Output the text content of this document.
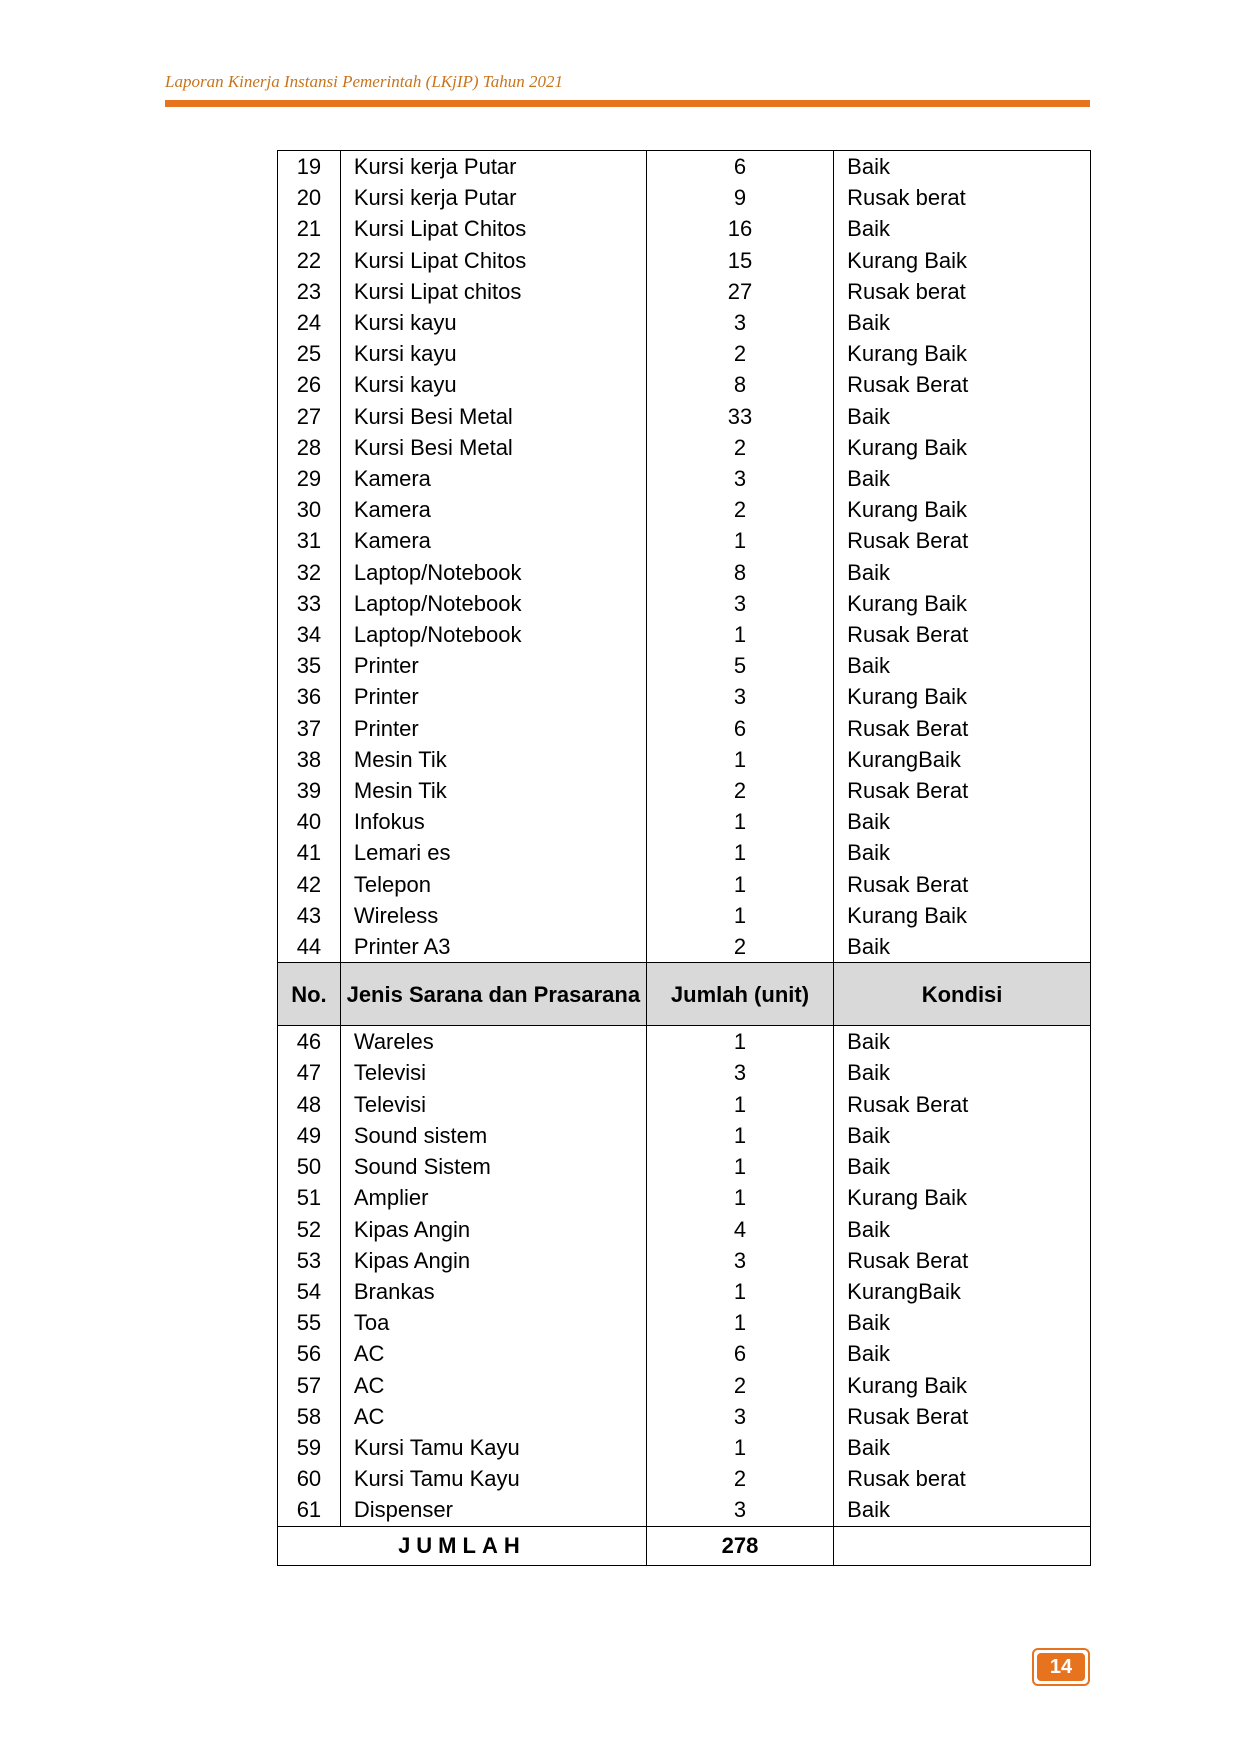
Laporan Kinerja Instansi Pemerintah (LKjIP) Tahun 2021
19	Kursi kerja Putar	6	Baik
20	Kursi kerja Putar	9	Rusak berat
21	Kursi Lipat Chitos	16	Baik
22	Kursi Lipat Chitos	15	Kurang Baik
23	Kursi Lipat chitos	27	Rusak berat
24	Kursi kayu	3	Baik
25	Kursi kayu	2	Kurang Baik
26	Kursi kayu	8	Rusak Berat
27	Kursi Besi Metal	33	Baik
28	Kursi Besi Metal	2	Kurang Baik
29	Kamera	3	Baik
30	Kamera	2	Kurang Baik
31	Kamera	1	Rusak Berat
32	Laptop/Notebook	8	Baik
33	Laptop/Notebook	3	Kurang Baik
34	Laptop/Notebook	1	Rusak Berat
35	Printer	5	Baik
36	Printer	3	Kurang Baik
37	Printer	6	Rusak Berat
38	Mesin Tik	1	KurangBaik
39	Mesin Tik	2	Rusak Berat
40	Infokus	1	Baik
41	Lemari es	1	Baik
42	Telepon	1	Rusak Berat
43	Wireless	1	Kurang Baik
44	Printer A3	2	Baik
No.	Jenis Sarana dan Prasarana	Jumlah (unit)	Kondisi
46	Wareles	1	Baik
47	Televisi	3	Baik
48	Televisi	1	Rusak Berat
49	Sound sistem	1	Baik
50	Sound Sistem	1	Baik
51	Amplier	1	Kurang Baik
52	Kipas Angin	4	Baik
53	Kipas Angin	3	Rusak Berat
54	Brankas	1	KurangBaik
55	Toa	1	Baik
56	AC	6	Baik
57	AC	2	Kurang Baik
58	AC	3	Rusak Berat
59	Kursi Tamu Kayu	1	Baik
60	Kursi Tamu Kayu	2	Rusak berat
61	Dispenser	3	Baik
JUMLAH		278	
14
